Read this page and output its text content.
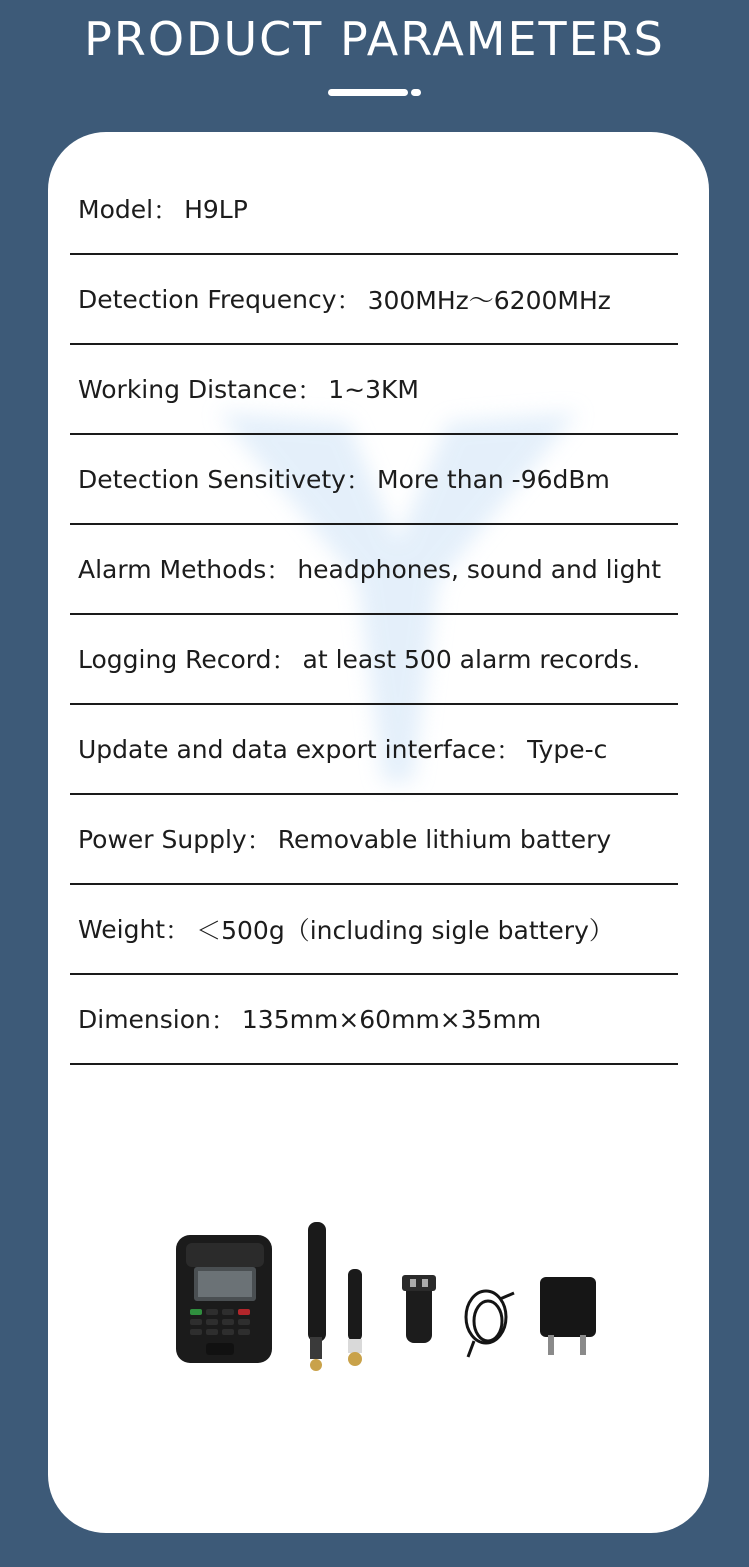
PRODUCT PARAMETERS
Model ： H9LP
Detection Frequency ： 300MHz～6200MHz
Working Distance ： 1~3KM
Detection Sensitivety ： More than -96dBm
Alarm Methods ： headphones, sound and light
Logging Record ： at least 500 alarm records.
Update and data export interface ： Type-c
Power Supply ： Removable lithium battery
Weight ： ＜500g（including sigle battery）
Dimension ： 135mm×60mm×35mm
